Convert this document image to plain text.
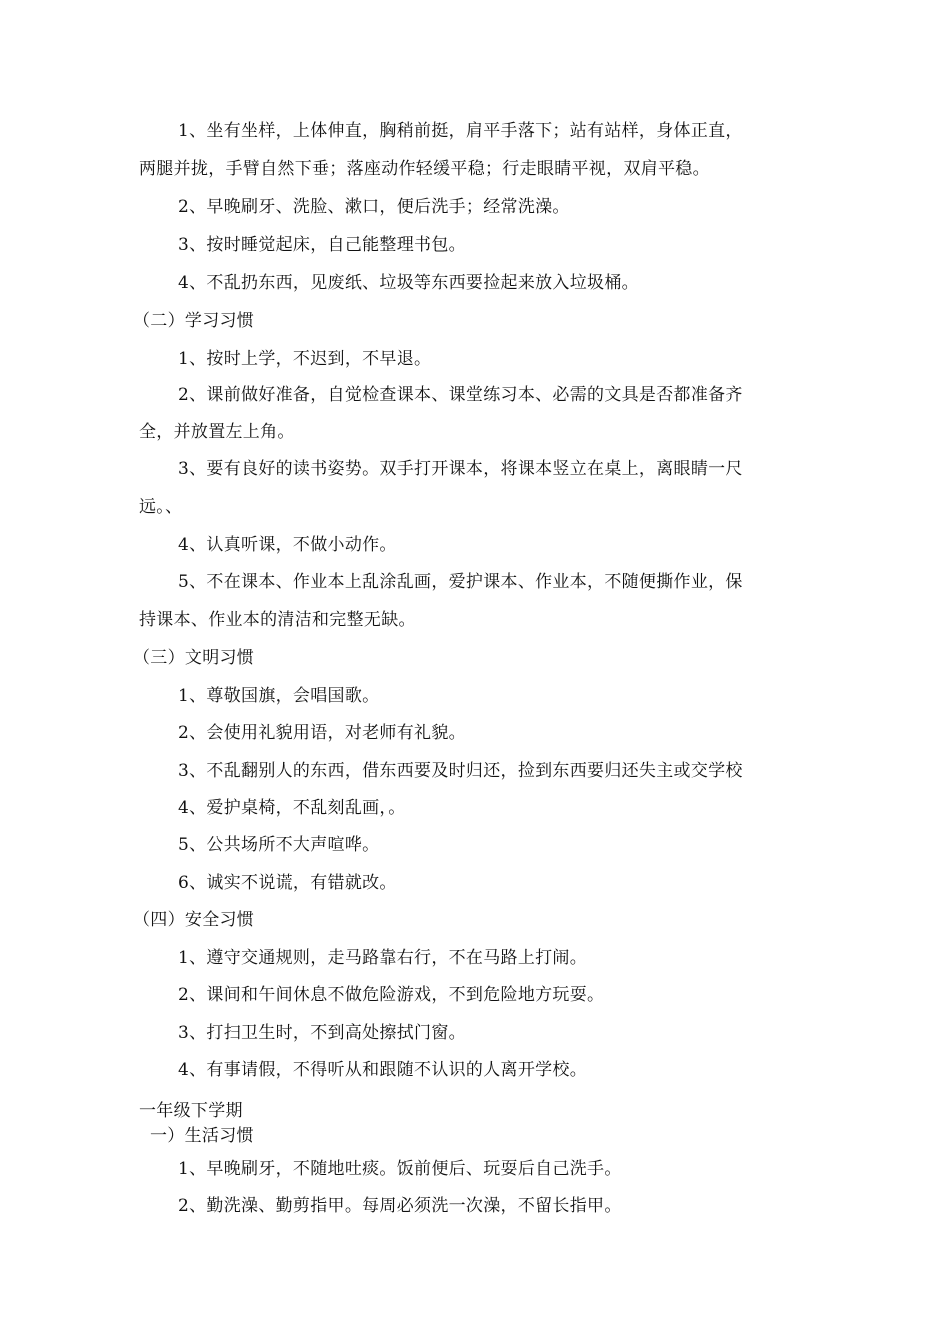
1、坐有坐样，上体伸直，胸稍前挺，肩平手落下；站有站样，身体正直，
两腿并拢，手臂自然下垂；落座动作轻缓平稳；行走眼睛平视，双肩平稳。
2、早晚刷牙、洗脸、漱口，便后洗手；经常洗澡。
3、按时睡觉起床，自己能整理书包。
4、不乱扔东西，见废纸、垃圾等东西要捡起来放入垃圾桶。
（二）学习习惯
1、按时上学，不迟到，不早退。
2、课前做好准备，自觉检查课本、课堂练习本、必需的文具是否都准备齐
全，并放置左上角。
3、要有良好的读书姿势。双手打开课本，将课本竖立在桌上，离眼睛一尺
远。、
4、认真听课，不做小动作。
5、不在课本、作业本上乱涂乱画，爱护课本、作业本，不随便撕作业，保
持课本、作业本的清洁和完整无缺。
（三）文明习惯
1、尊敬国旗，会唱国歌。
2、会使用礼貌用语，对老师有礼貌。
3、不乱翻别人的东西，借东西要及时归还，捡到东西要归还失主或交学校
4、爱护桌椅，不乱刻乱画，。
5、公共场所不大声喧哗。
6、诚实不说谎，有错就改。
（四）安全习惯
1、遵守交通规则，走马路靠右行，不在马路上打闹。
2、课间和午间休息不做危险游戏，不到危险地方玩耍。
3、打扫卫生时，不到高处擦拭门窗。
4、有事请假，不得听从和跟随不认识的人离开学校。
一年级下学期
一）生活习惯
1、早晚刷牙，不随地吐痰。饭前便后、玩耍后自己洗手。
2、勤洗澡、勤剪指甲。每周必须洗一次澡，不留长指甲。
